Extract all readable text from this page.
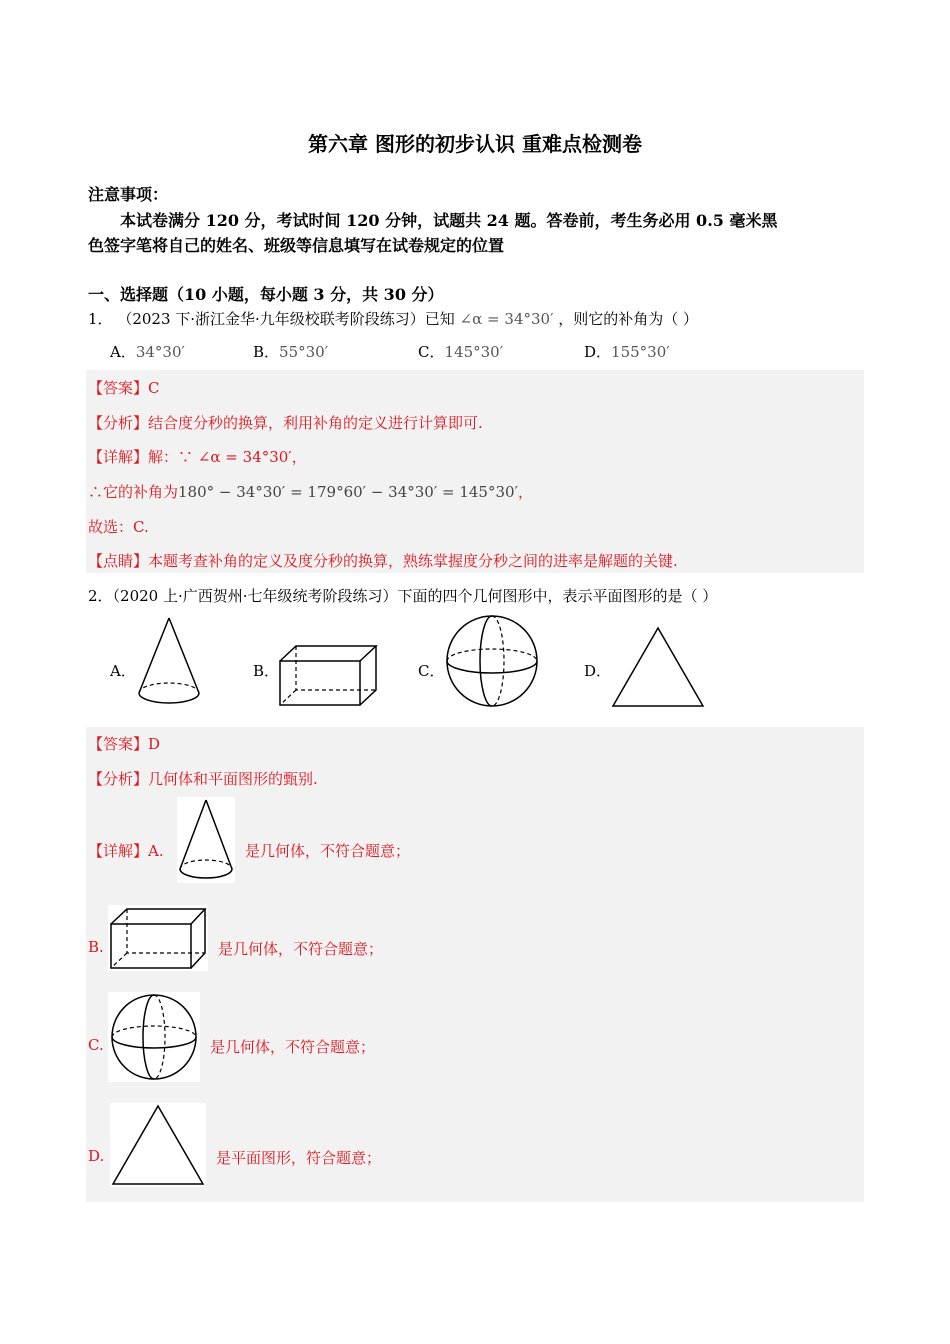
第六章 图形的初步认识 重难点检测卷
注意事项：
本试卷满分 120 分，考试时间 120 分钟，试题共 24 题。答卷前，考生务必用 0.5 毫米黑
色签字笔将自己的姓名、班级等信息填写在试卷规定的位置
一、选择题（10 小题，每小题 3 分，共 30 分）
1． （2023 下·浙江金华·九年级校联考阶段练习）已知 ∠α = 34°30′ ，则它的补角为（ ）
A．34°30′	B．55°30′	C．145°30′	D．155°30′
【答案】C
【分析】结合度分秒的换算，利用补角的定义进行计算即可.
【详解】解：∵ ∠α = 34°30′，
∴它的补角为180° − 34°30′ = 179°60′ − 34°30′ = 145°30′，
故选：C.
【点睛】本题考查补角的定义及度分秒的换算，熟练掌握度分秒之间的进率是解题的关键.
2．（2020 上·广西贺州·七年级统考阶段练习）下面的四个几何图形中，表示平面图形的是（ ）
A．	B．	C．	D．
【答案】D
【分析】几何体和平面图形的甄别.
【详解】A.	是几何体，不符合题意；
B.	是几何体，不符合题意；
C.	是几何体，不符合题意；
D.	是平面图形，符合题意；
